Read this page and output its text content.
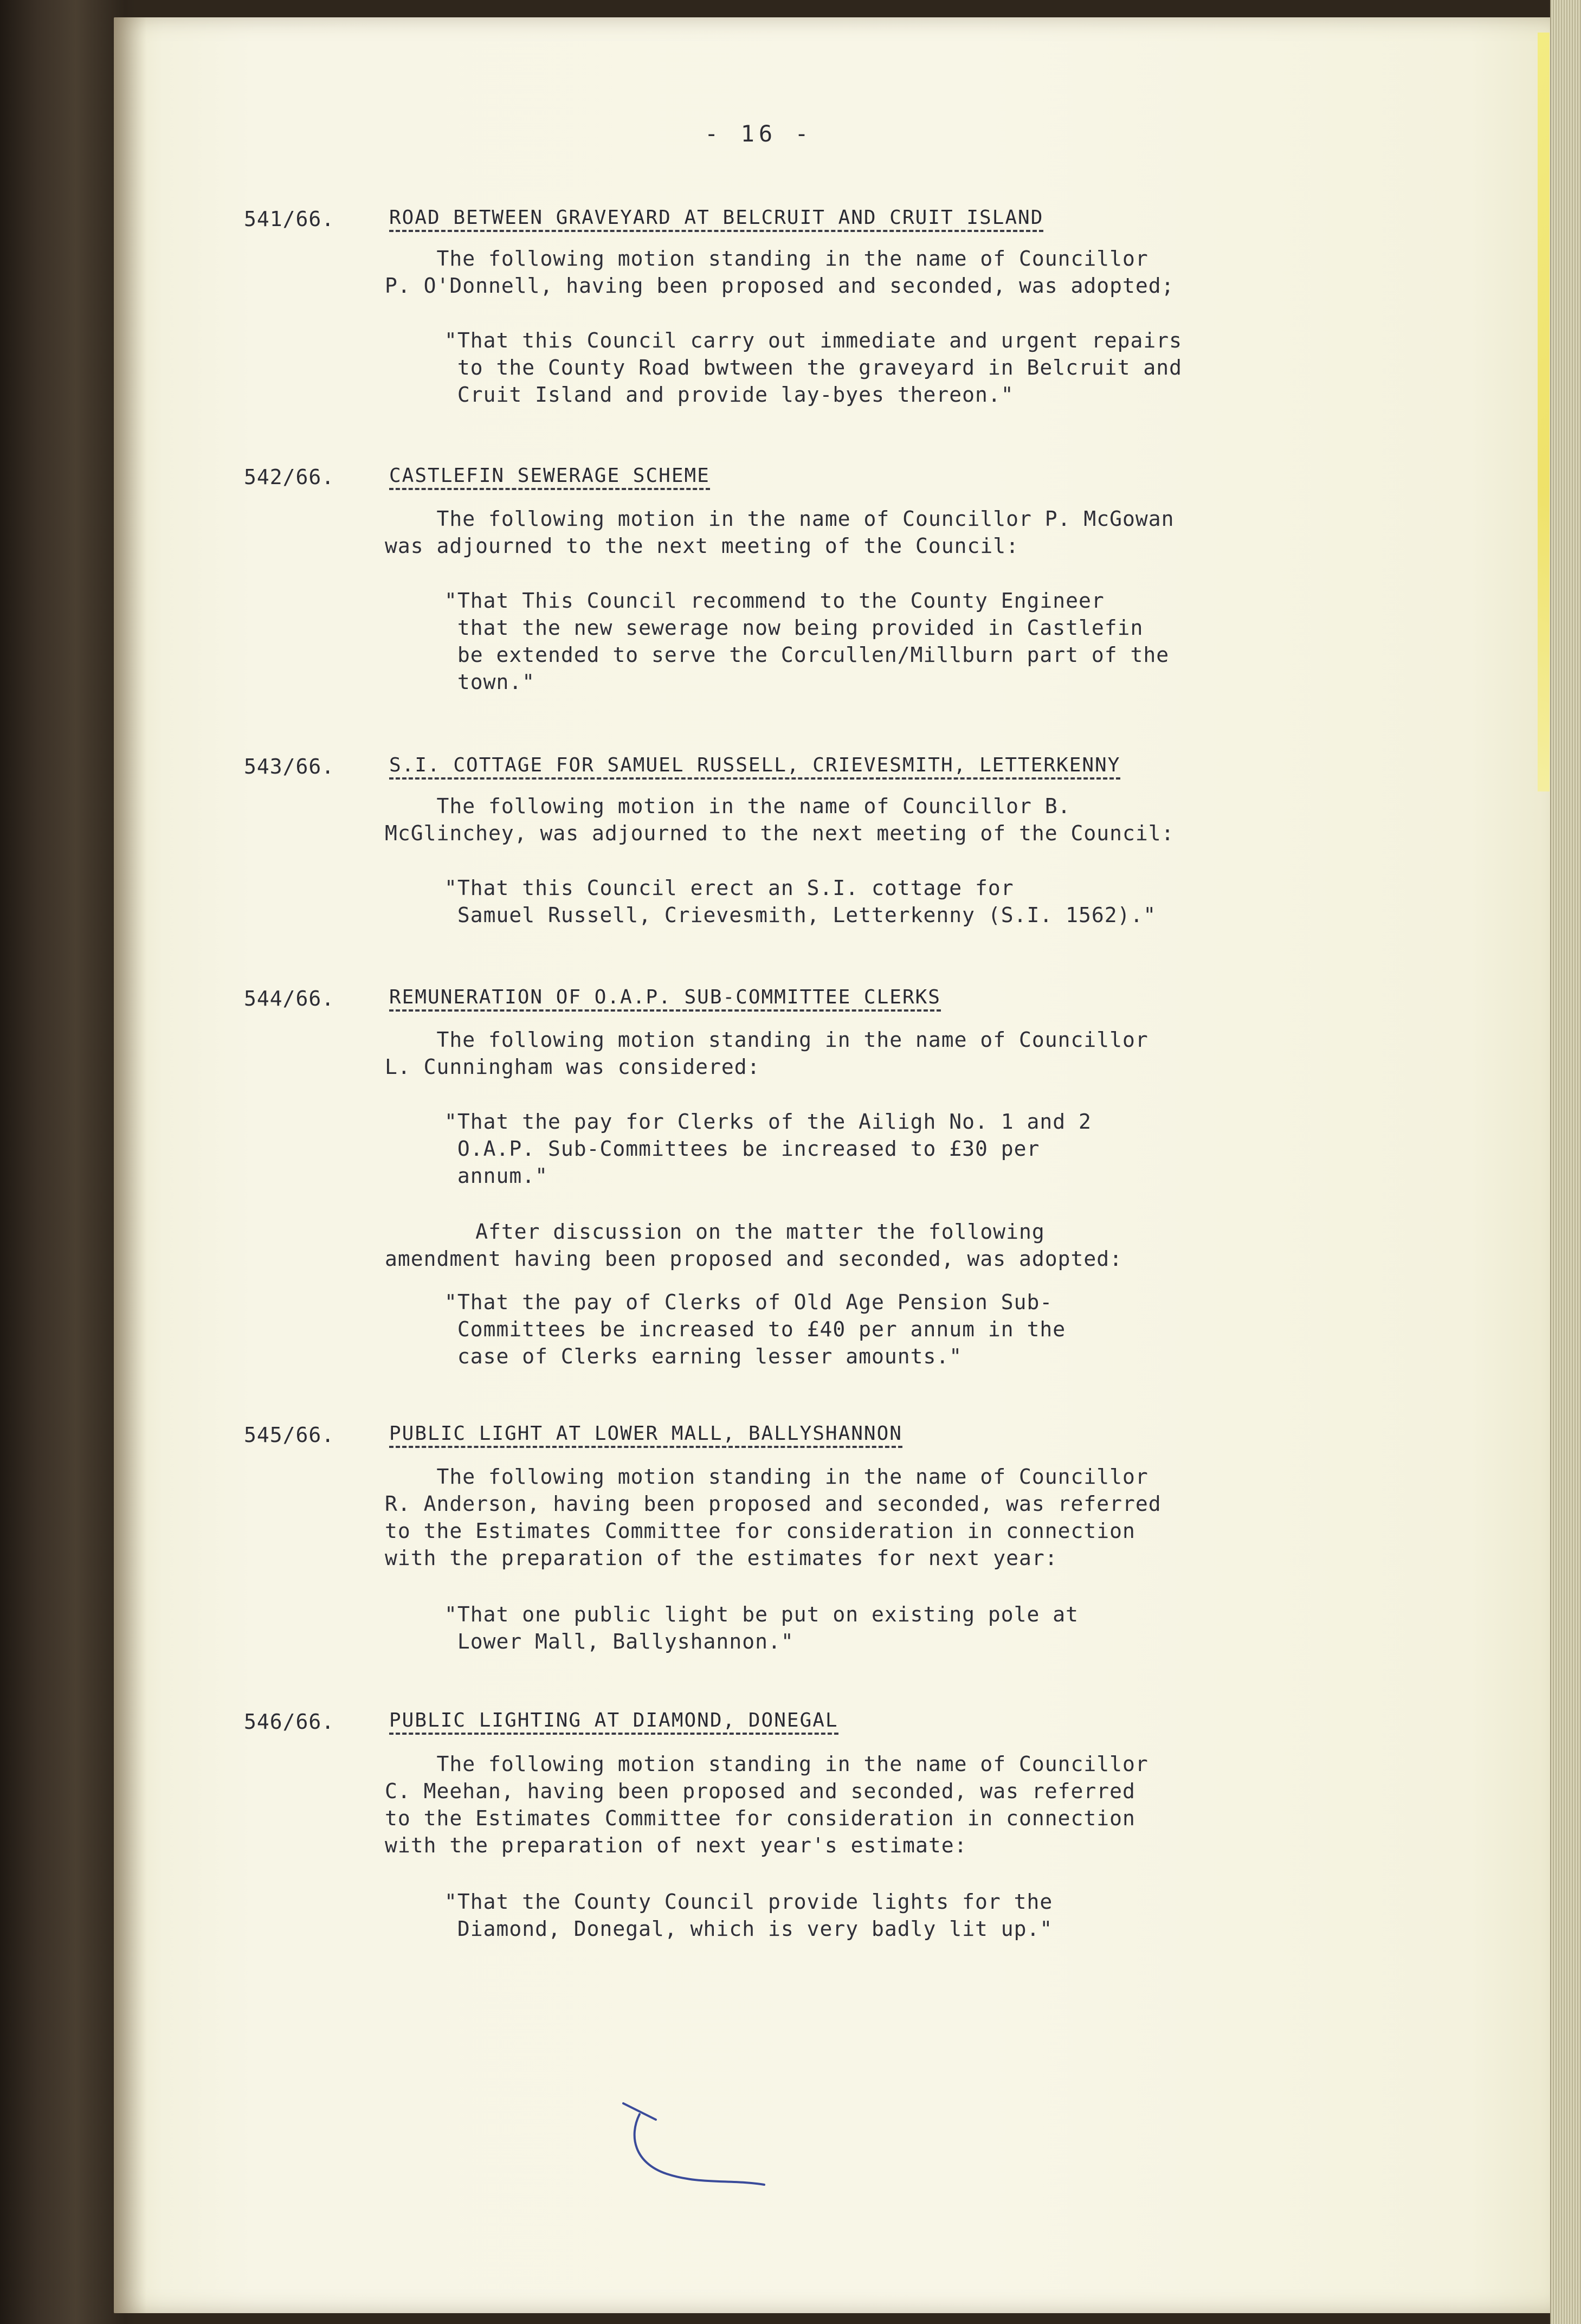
- 16 -
541/66.	ROAD BETWEEN GRAVEYARD AT BELCRUIT AND CRUIT ISLAND
The following motion standing in the name of Councillor
P. O'Donnell, having been proposed and seconded, was adopted;
"That this Council carry out immediate and urgent repairs
to the County Road bwtween the graveyard in Belcruit and
Cruit Island and provide lay-byes thereon."
542/66.	CASTLEFIN SEWERAGE SCHEME
The following motion in the name of Councillor P. McGowan
was adjourned to the next meeting of the Council:
"That This Council recommend to the County Engineer
that the new sewerage now being provided in Castlefin
be extended to serve the Corcullen/Millburn part of the
town."
543/66.	S.I. COTTAGE FOR SAMUEL RUSSELL, CRIEVESMITH, LETTERKENNY
The following motion in the name of Councillor B.
McGlinchey, was adjourned to the next meeting of the Council:
"That this Council erect an S.I. cottage for
Samuel Russell, Crievesmith, Letterkenny (S.I. 1562)."
544/66.	REMUNERATION OF O.A.P. SUB-COMMITTEE CLERKS
The following motion standing in the name of Councillor
L. Cunningham was considered:
"That the pay for Clerks of the Ailigh No. 1 and 2
O.A.P. Sub-Committees be increased to £30 per
annum."
After discussion on the matter the following
amendment having been proposed and seconded, was adopted:
"That the pay of Clerks of Old Age Pension Sub-
Committees be increased to £40 per annum in the
case of Clerks earning lesser amounts."
545/66.	PUBLIC LIGHT AT LOWER MALL, BALLYSHANNON
The following motion standing in the name of Councillor
R. Anderson, having been proposed and seconded, was referred
to the Estimates Committee for consideration in connection
with the preparation of the estimates for next year:
"That one public light be put on existing pole at
Lower Mall, Ballyshannon."
546/66.	PUBLIC LIGHTING AT DIAMOND, DONEGAL
The following motion standing in the name of Councillor
C. Meehan, having been proposed and seconded, was referred
to the Estimates Committee for consideration in connection
with the preparation of next year's estimate:
"That the County Council provide lights for the
Diamond, Donegal, which is very badly lit up."
